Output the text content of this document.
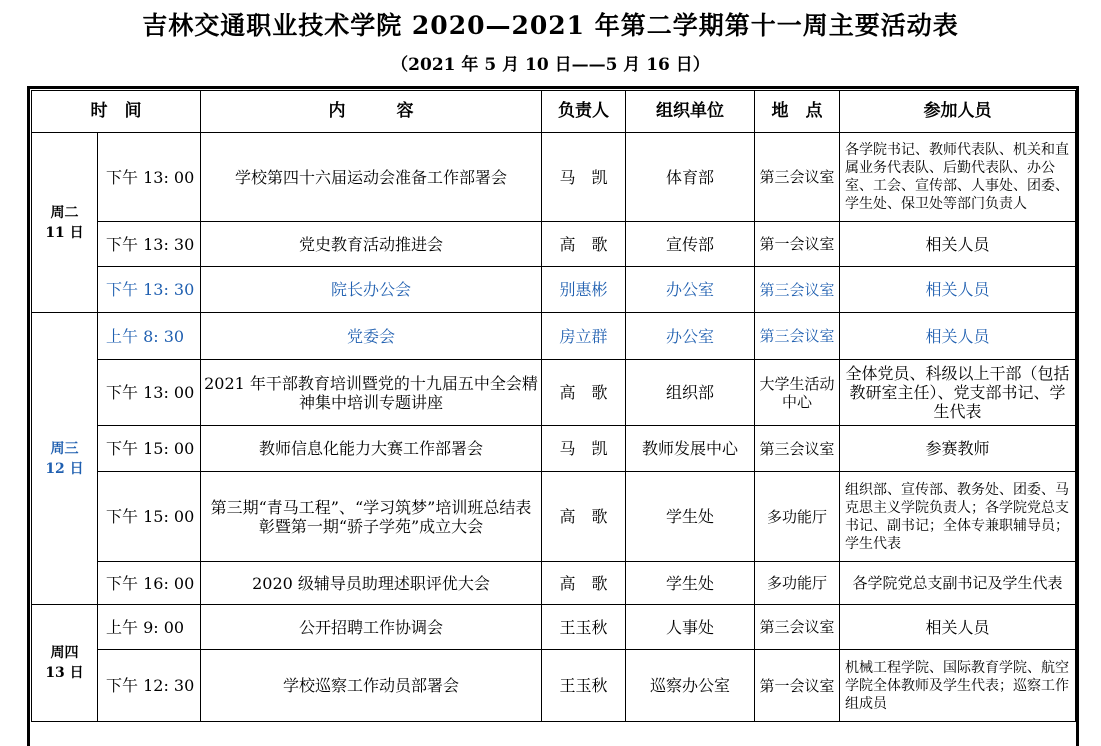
吉林交通职业技术学院 2020—2021 年第二学期第十一周主要活动表
（2021 年 5 月 10 日——5 月 16 日）
时　间		内　　　容	负责人	组织单位	地　点	参加人员

周二
11 日	下午 13: 00	学校第四十六届运动会准备工作部署会	马　凯	体育部	第三会议室	各学院书记、教师代表队、机关和直属业务代表队、后勤代表队、办公室、工会、宣传部、人事处、团委、学生处、保卫处等部门负责人
	下午 13: 30	党史教育活动推进会	高　歌	宣传部	第一会议室	相关人员
	下午 13: 30	院长办公会	别惠彬	办公室	第三会议室	相关人员

周三
12 日	上午 8: 30	党委会	房立群	办公室	第三会议室	相关人员
	下午 13: 00	2021 年干部教育培训暨党的十九届五中全会精神集中培训专题讲座	高　歌	组织部	大学生活动中心	全体党员、科级以上干部（包括教研室主任）、党支部书记、学生代表
	下午 15: 00	教师信息化能力大赛工作部署会	马　凯	教师发展中心	第三会议室	参赛教师
	下午 15: 00	第三期“青马工程”、“学习筑梦”培训班总结表彰暨第一期“骄子学苑”成立大会	高　歌	学生处	多功能厅	组织部、宣传部、教务处、团委、马克思主义学院负责人；各学院党总支书记、副书记；全体专兼职辅导员；学生代表
	下午 16: 00	2020 级辅导员助理述职评优大会	高　歌	学生处	多功能厅	各学院党总支副书记及学生代表

周四
13 日	上午 9: 00	公开招聘工作协调会	王玉秋	人事处	第三会议室	相关人员
	下午 12: 30	学校巡察工作动员部署会	王玉秋	巡察办公室	第一会议室	机械工程学院、国际教育学院、航空学院全体教师及学生代表；巡察工作组成员
